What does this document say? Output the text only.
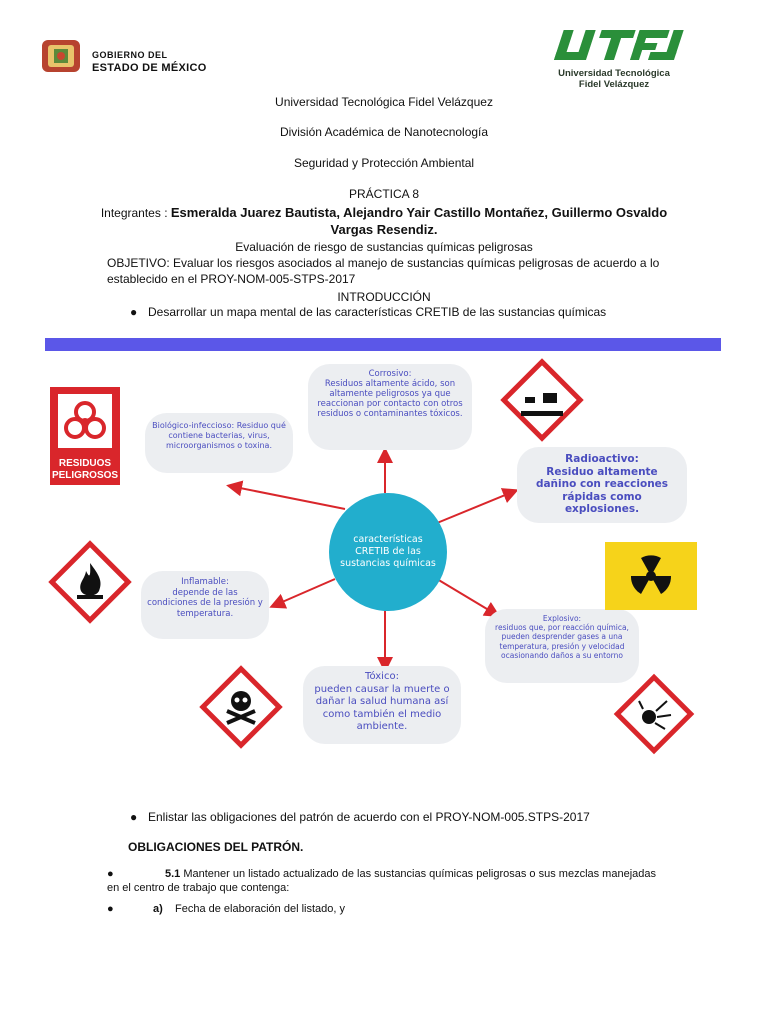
GOBIERNO DEL
ESTADO DE MÉXICO	Universidad Tecnológica
Fidel Velázquez
Universidad Tecnológica Fidel Velázquez
División Académica de Nanotecnología
Seguridad y Protección Ambiental
PRÁCTICA 8
Integrantes : Esmeralda Juarez Bautista, Alejandro Yair Castillo Montañez, Guillermo Osvaldo
Vargas Resendiz.
Evaluación de riesgo de sustancias químicas peligrosas
OBJETIVO: Evaluar los riesgos asociados al manejo de sustancias químicas peligrosas de acuerdo a lo
establecido en el PROY-NOM-005-STPS-2017
INTRODUCCIÓN
● Desarrollar un mapa mental de las características CRETIB de las sustancias químicas
características CRETIB de las sustancias químicas
Corrosivo:
Residuos altamente ácido, son altamente peligrosos ya que reaccionan por contacto con otros residuos o contaminantes tóxicos.
Biológico-infeccioso: Residuo qué contiene bacterias, virus, microorganismos o toxina.
Radioactivo:
Residuo altamente dañino con reacciones rápidas como explosiones.
Inflamable:
depende de las condiciones de la presión y temperatura.	Explosivo:
residuos que, por reacción química, pueden desprender gases a una temperatura, presión y velocidad ocasionando daños a su entorno
Tóxico:
pueden causar la muerte o dañar la salud humana así como también el medio ambiente.
RESIDUOS
PELIGROSOS
● Enlistar las obligaciones del patrón de acuerdo con el PROY-NOM-005.STPS-2017
OBLIGACIONES DEL PATRÓN.
●	5.1 Mantener un listado actualizado de las sustancias químicas peligrosas o sus mezclas manejadas
en el centro de trabajo que contenga:
●	a) Fecha de elaboración del listado, y
